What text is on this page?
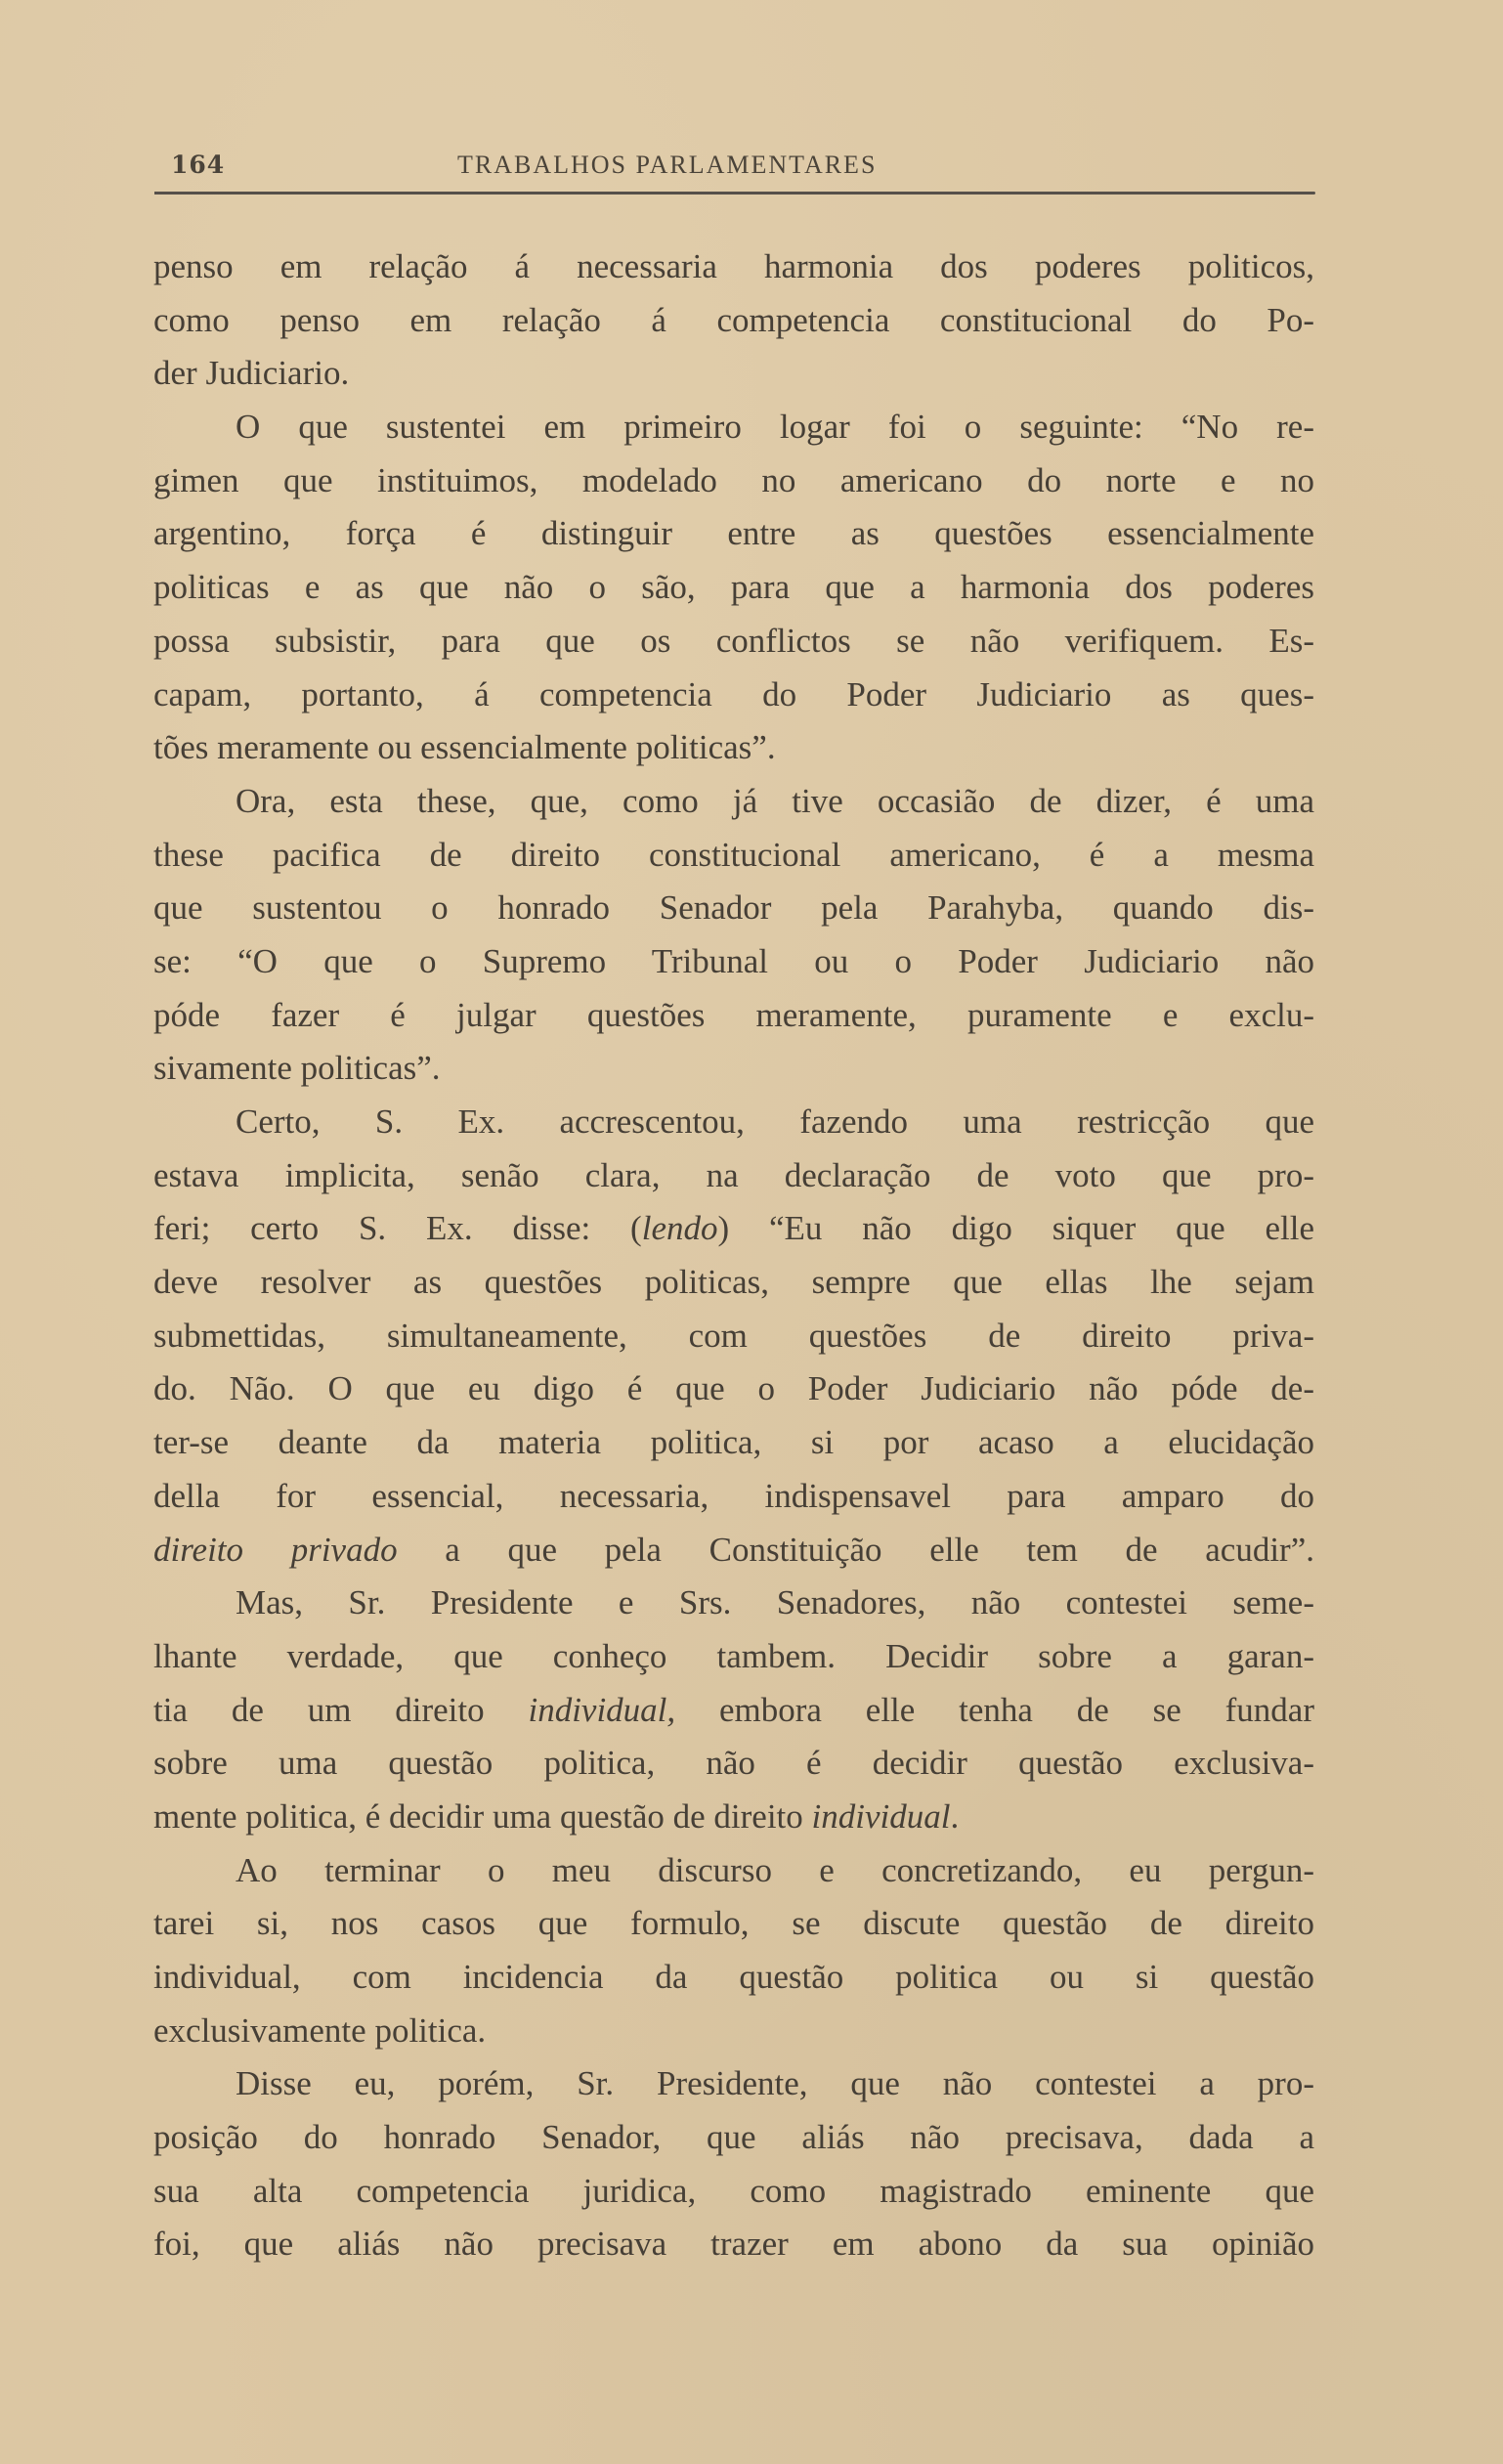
164	TRABALHOS PARLAMENTARES
penso em relação á necessaria harmonia dos poderes politicos,
como penso em relação á competencia constitucional do Po-
der Judiciario.
O que sustentei em primeiro logar foi o seguinte: “No re-
gimen que instituimos, modelado no americano do norte e no
argentino, força é distinguir entre as questões essencialmente
politicas e as que não o são, para que a harmonia dos poderes
possa subsistir, para que os conflictos se não verifiquem. Es-
capam, portanto, á competencia do Poder Judiciario as ques-
tões meramente ou essencialmente politicas”.
Ora, esta these, que, como já tive occasião de dizer, é uma
these pacifica de direito constitucional americano, é a mesma
que sustentou o honrado Senador pela Parahyba, quando dis-
se: “O que o Supremo Tribunal ou o Poder Judiciario não
póde fazer é julgar questões meramente, puramente e exclu-
sivamente politicas”.
Certo, S. Ex. accrescentou, fazendo uma restricção que
estava implicita, senão clara, na declaração de voto que pro-
feri; certo S. Ex. disse: (lendo) “Eu não digo siquer que elle
deve resolver as questões politicas, sempre que ellas lhe sejam
submettidas, simultaneamente, com questões de direito priva-
do. Não. O que eu digo é que o Poder Judiciario não póde de-
ter-se deante da materia politica, si por acaso a elucidação
della for essencial, necessaria, indispensavel para amparo do
direito privado a que pela Constituição elle tem de acudir”.
Mas, Sr. Presidente e Srs. Senadores, não contestei seme-
lhante verdade, que conheço tambem. Decidir sobre a garan-
tia de um direito individual, embora elle tenha de se fundar
sobre uma questão politica, não é decidir questão exclusiva-
mente politica, é decidir uma questão de direito individual.
Ao terminar o meu discurso e concretizando, eu pergun-
tarei si, nos casos que formulo, se discute questão de direito
individual, com incidencia da questão politica ou si questão
exclusivamente politica.
Disse eu, porém, Sr. Presidente, que não contestei a pro-
posição do honrado Senador, que aliás não precisava, dada a
sua alta competencia juridica, como magistrado eminente que
foi, que aliás não precisava trazer em abono da sua opinião
